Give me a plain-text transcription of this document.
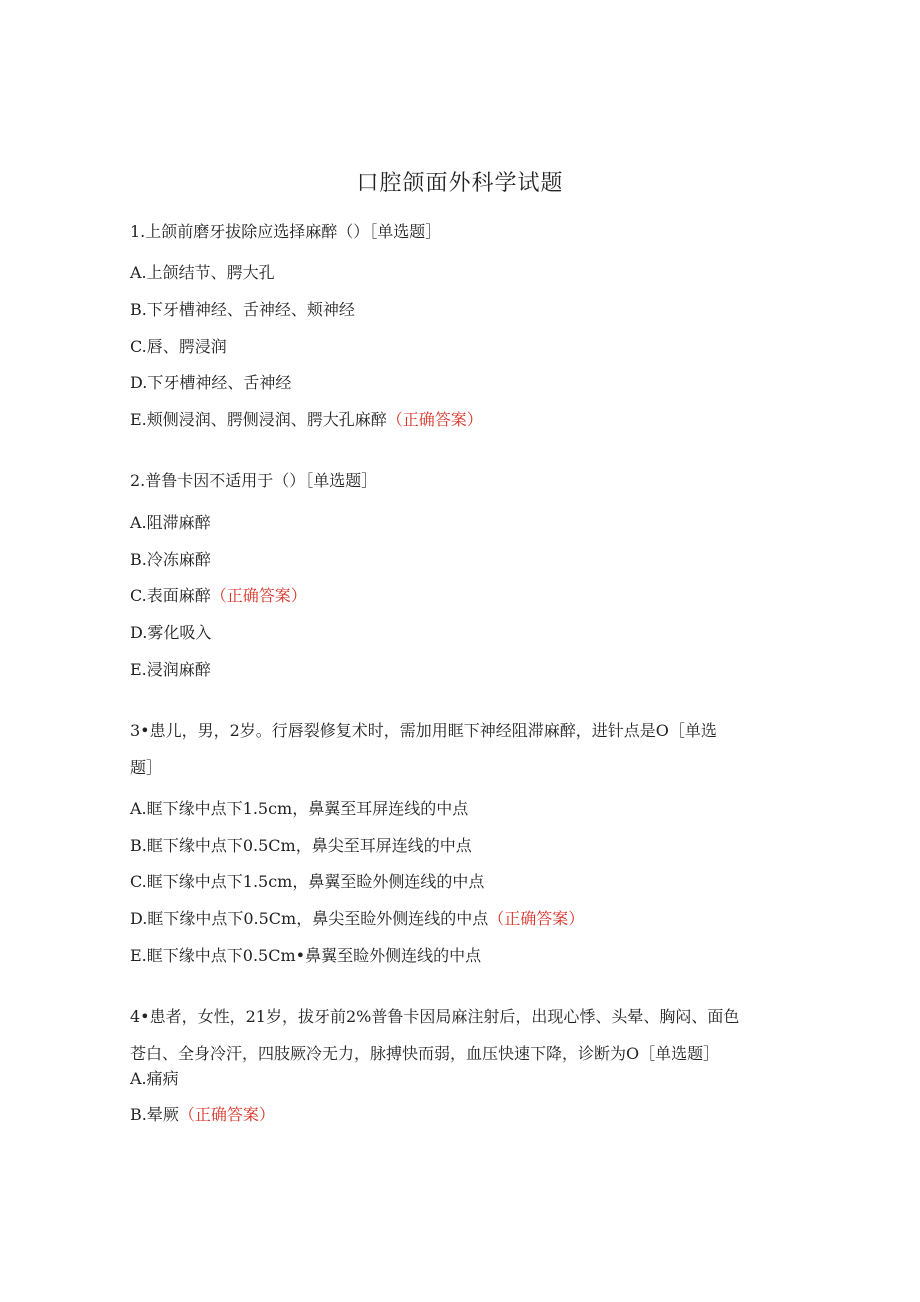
口腔颌面外科学试题
1.上颌前磨牙拔除应选择麻醉（）［单选题］
A.上颌结节、腭大孔
B.下牙槽神经、舌神经、颊神经
C.唇、腭浸润
D.下牙槽神经、舌神经
E.颊侧浸润、腭侧浸润、腭大孔麻醉（正确答案）
2.普鲁卡因不适用于（）［单选题］
A.阻滞麻醉
B.冷冻麻醉
C.表面麻醉（正确答案）
D.雾化吸入
E.浸润麻醉
3•患儿，男，2岁。行唇裂修复术时，需加用眶下神经阻滞麻醉，进针点是O［单选
题］
A.眶下缘中点下1.5cm，鼻翼至耳屏连线的中点
B.眶下缘中点下0.5Cm，鼻尖至耳屏连线的中点
C.眶下缘中点下1.5cm，鼻翼至睑外侧连线的中点
D.眶下缘中点下0.5Cm，鼻尖至睑外侧连线的中点（正确答案）
E.眶下缘中点下0.5Cm•鼻翼至睑外侧连线的中点
4•患者，女性，21岁，拔牙前2%普鲁卡因局麻注射后，出现心悸、头晕、胸闷、面色
苍白、全身冷汗，四肢厥冷无力，脉搏快而弱，血压快速下降，诊断为O［单选题］
A.痛病
B.晕厥（正确答案）
